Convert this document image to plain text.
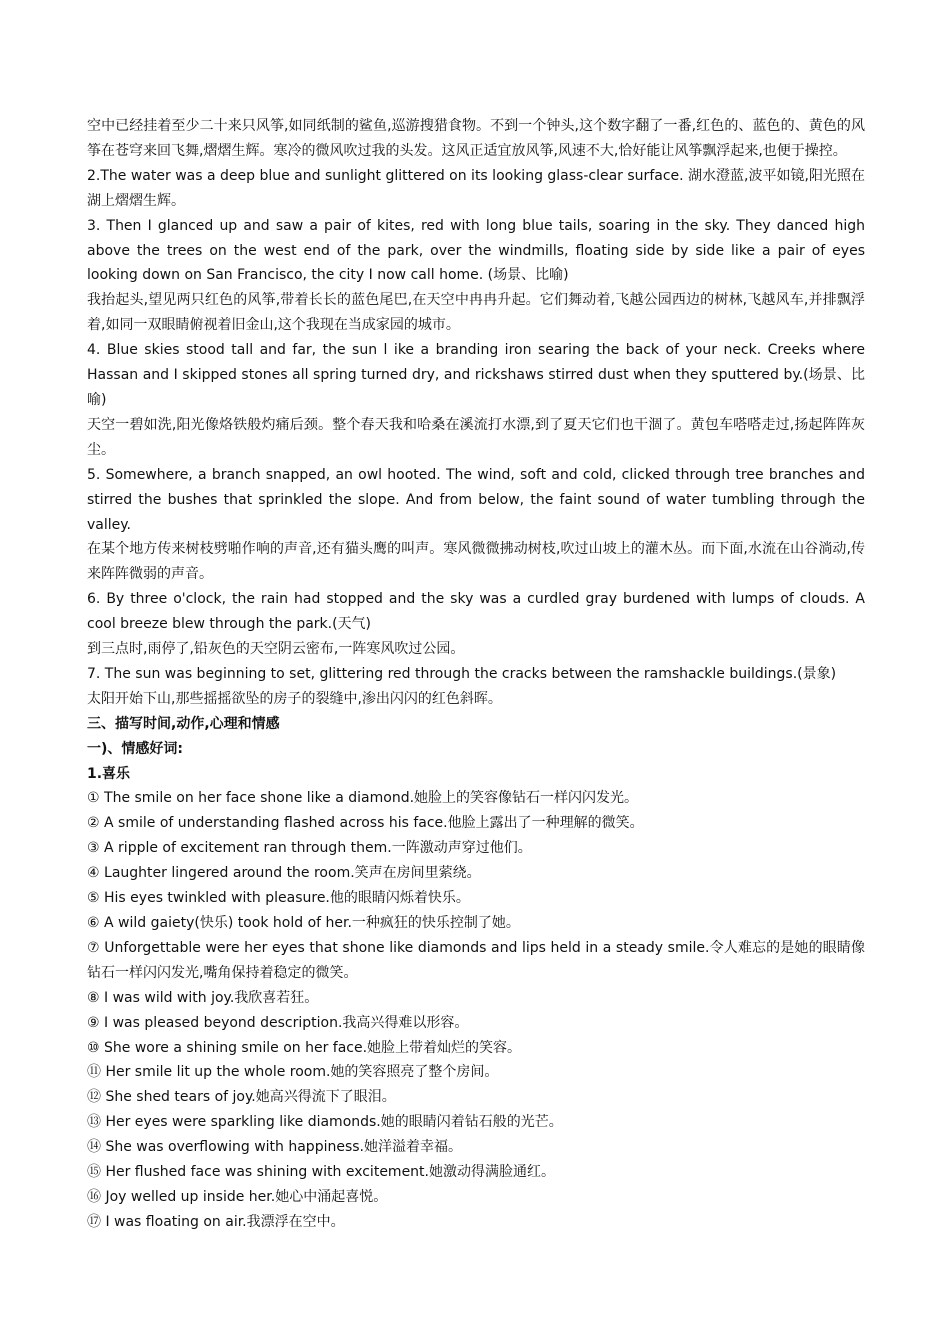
空中已经挂着至少二十来只风筝,如同纸制的鲨鱼,巡游搜猎食物。不到一个钟头,这个数字翻了一番,红色的、蓝色的、黄色的风筝在苍穹来回飞舞,熠熠生辉。寒冷的微风吹过我的头发。这风正适宜放风筝,风速不大,恰好能让风筝飘浮起来,也便于操控。

2.The water was a deep blue and sunlight glittered on its looking glass-clear surface. 湖水澄蓝,波平如镜,阳光照在湖上熠熠生辉。

3. Then I glanced up and saw a pair of kites, red with long blue tails, soaring in the sky. They danced high above the trees on the west end of the park, over the windmills, floating side by side like a pair of eyes looking down on San Francisco, the city I now call home. (场景、比喻)

我抬起头,望见两只红色的风筝,带着长长的蓝色尾巴,在天空中冉冉升起。它们舞动着,飞越公园西边的树林,飞越风车,并排飘浮着,如同一双眼睛俯视着旧金山,这个我现在当成家园的城市。

4. Blue skies stood tall and far, the sun l ike a branding iron searing the back of your neck. Creeks where Hassan and I skipped stones all spring turned dry, and rickshaws stirred dust when they sputtered by.(场景、比喻)

天空一碧如洗,阳光像烙铁般灼痛后颈。整个春天我和哈桑在溪流打水漂,到了夏天它们也干涸了。黄包车嗒嗒走过,扬起阵阵灰尘。

5. Somewhere, a branch snapped, an owl hooted. The wind, soft and cold, clicked through tree branches and stirred the bushes that sprinkled the slope. And from below, the faint sound of water tumbling through the valley.

在某个地方传来树枝劈啪作响的声音,还有猫头鹰的叫声。寒风微微拂动树枝,吹过山坡上的灌木丛。而下面,水流在山谷淌动,传来阵阵微弱的声音。

6. By three o'clock, the rain had stopped and the sky was a curdled gray burdened with lumps of clouds. A cool breeze blew through the park.(天气)

到三点时,雨停了,铅灰色的天空阴云密布,一阵寒风吹过公园。

7. The sun was beginning to set, glittering red through the cracks between the ramshackle buildings.(景象)

太阳开始下山,那些摇摇欲坠的房子的裂缝中,渗出闪闪的红色斜晖。

三、描写时间,动作,心理和情感

一)、情感好词:

1.喜乐

① The smile on her face shone like a diamond.她脸上的笑容像钻石一样闪闪发光。

② A smile of understanding flashed across his face.他脸上露出了一种理解的微笑。

③ A ripple of excitement ran through them.一阵激动声穿过他们。

④ Laughter lingered around the room.笑声在房间里萦绕。

⑤ His eyes twinkled with pleasure.他的眼睛闪烁着快乐。

⑥ A wild gaiety(快乐) took hold of her.一种疯狂的快乐控制了她。

⑦ Unforgettable were her eyes that shone like diamonds and lips held in a steady smile.令人难忘的是她的眼睛像钻石一样闪闪发光,嘴角保持着稳定的微笑。

⑧ I was wild with joy.我欣喜若狂。

⑨ I was pleased beyond description.我高兴得难以形容。

⑩ She wore a shining smile on her face.她脸上带着灿烂的笑容。

⑪ Her smile lit up the whole room.她的笑容照亮了整个房间。

⑫ She shed tears of joy.她高兴得流下了眼泪。

⑬ Her eyes were sparkling like diamonds.她的眼睛闪着钻石般的光芒。

⑭ She was overflowing with happiness.她洋溢着幸福。

⑮ Her flushed face was shining with excitement.她激动得满脸通红。

⑯ Joy welled up inside her.她心中涌起喜悦。

⑰ I was floating on air.我漂浮在空中。
